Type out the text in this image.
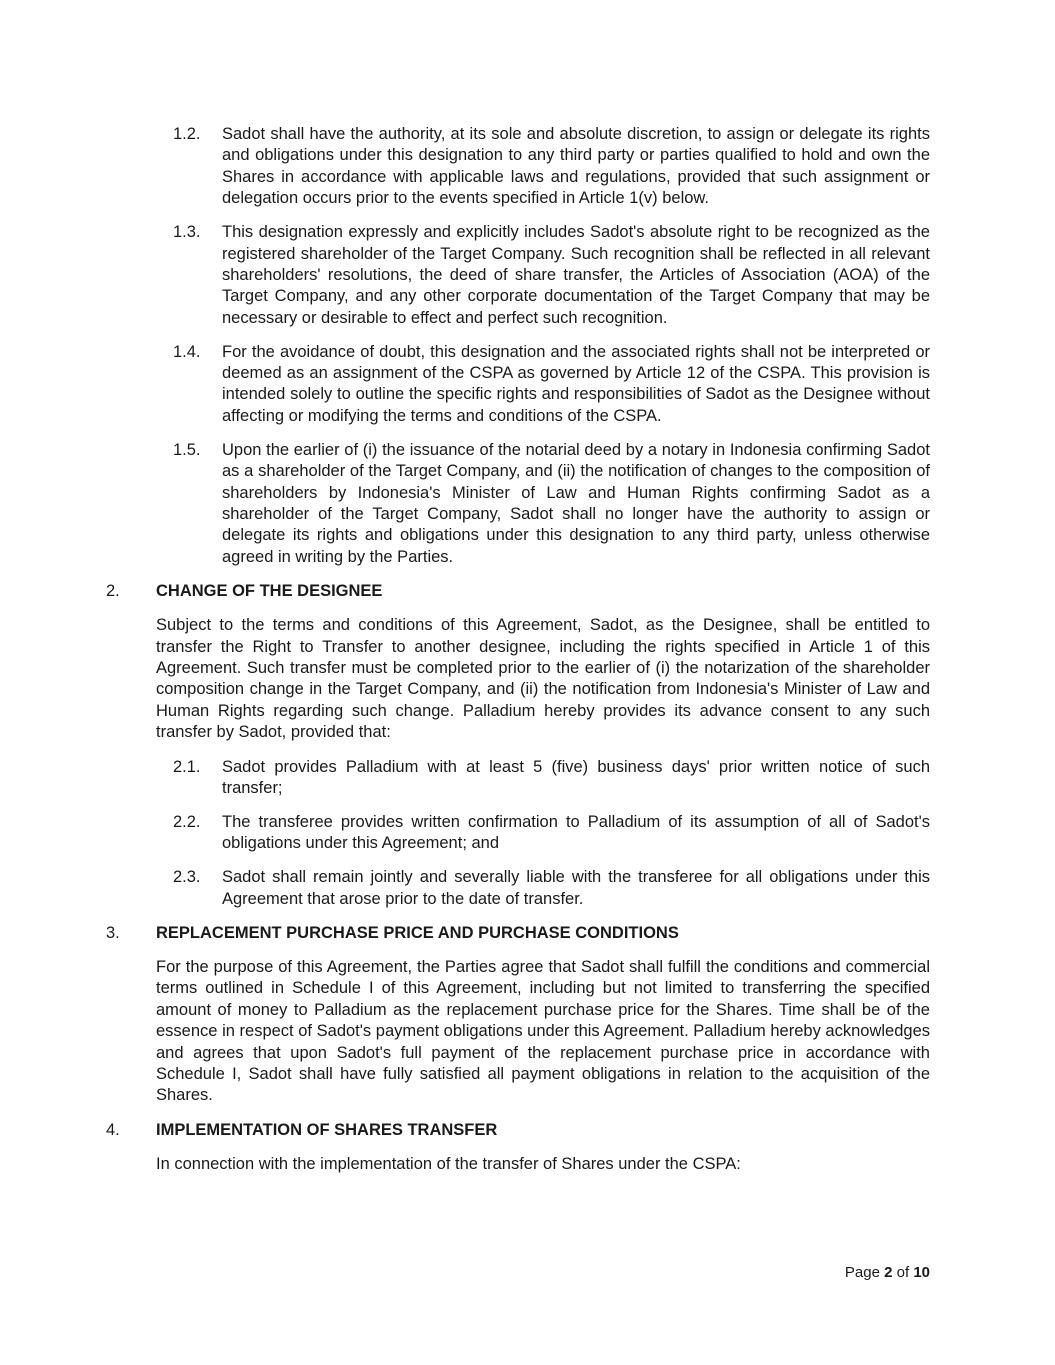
1.2. Sadot shall have the authority, at its sole and absolute discretion, to assign or delegate its rights and obligations under this designation to any third party or parties qualified to hold and own the Shares in accordance with applicable laws and regulations, provided that such assignment or delegation occurs prior to the events specified in Article 1(v) below.
1.3. This designation expressly and explicitly includes Sadot's absolute right to be recognized as the registered shareholder of the Target Company. Such recognition shall be reflected in all relevant shareholders' resolutions, the deed of share transfer, the Articles of Association (AOA) of the Target Company, and any other corporate documentation of the Target Company that may be necessary or desirable to effect and perfect such recognition.
1.4. For the avoidance of doubt, this designation and the associated rights shall not be interpreted or deemed as an assignment of the CSPA as governed by Article 12 of the CSPA. This provision is intended solely to outline the specific rights and responsibilities of Sadot as the Designee without affecting or modifying the terms and conditions of the CSPA.
1.5. Upon the earlier of (i) the issuance of the notarial deed by a notary in Indonesia confirming Sadot as a shareholder of the Target Company, and (ii) the notification of changes to the composition of shareholders by Indonesia's Minister of Law and Human Rights confirming Sadot as a shareholder of the Target Company, Sadot shall no longer have the authority to assign or delegate its rights and obligations under this designation to any third party, unless otherwise agreed in writing by the Parties.
2. CHANGE OF THE DESIGNEE
Subject to the terms and conditions of this Agreement, Sadot, as the Designee, shall be entitled to transfer the Right to Transfer to another designee, including the rights specified in Article 1 of this Agreement. Such transfer must be completed prior to the earlier of (i) the notarization of the shareholder composition change in the Target Company, and (ii) the notification from Indonesia's Minister of Law and Human Rights regarding such change. Palladium hereby provides its advance consent to any such transfer by Sadot, provided that:
2.1. Sadot provides Palladium with at least 5 (five) business days' prior written notice of such transfer;
2.2. The transferee provides written confirmation to Palladium of its assumption of all of Sadot's obligations under this Agreement; and
2.3. Sadot shall remain jointly and severally liable with the transferee for all obligations under this Agreement that arose prior to the date of transfer.
3. REPLACEMENT PURCHASE PRICE AND PURCHASE CONDITIONS
For the purpose of this Agreement, the Parties agree that Sadot shall fulfill the conditions and commercial terms outlined in Schedule I of this Agreement, including but not limited to transferring the specified amount of money to Palladium as the replacement purchase price for the Shares. Time shall be of the essence in respect of Sadot's payment obligations under this Agreement. Palladium hereby acknowledges and agrees that upon Sadot's full payment of the replacement purchase price in accordance with Schedule I, Sadot shall have fully satisfied all payment obligations in relation to the acquisition of the Shares.
4. IMPLEMENTATION OF SHARES TRANSFER
In connection with the implementation of the transfer of Shares under the CSPA:
Page 2 of 10
